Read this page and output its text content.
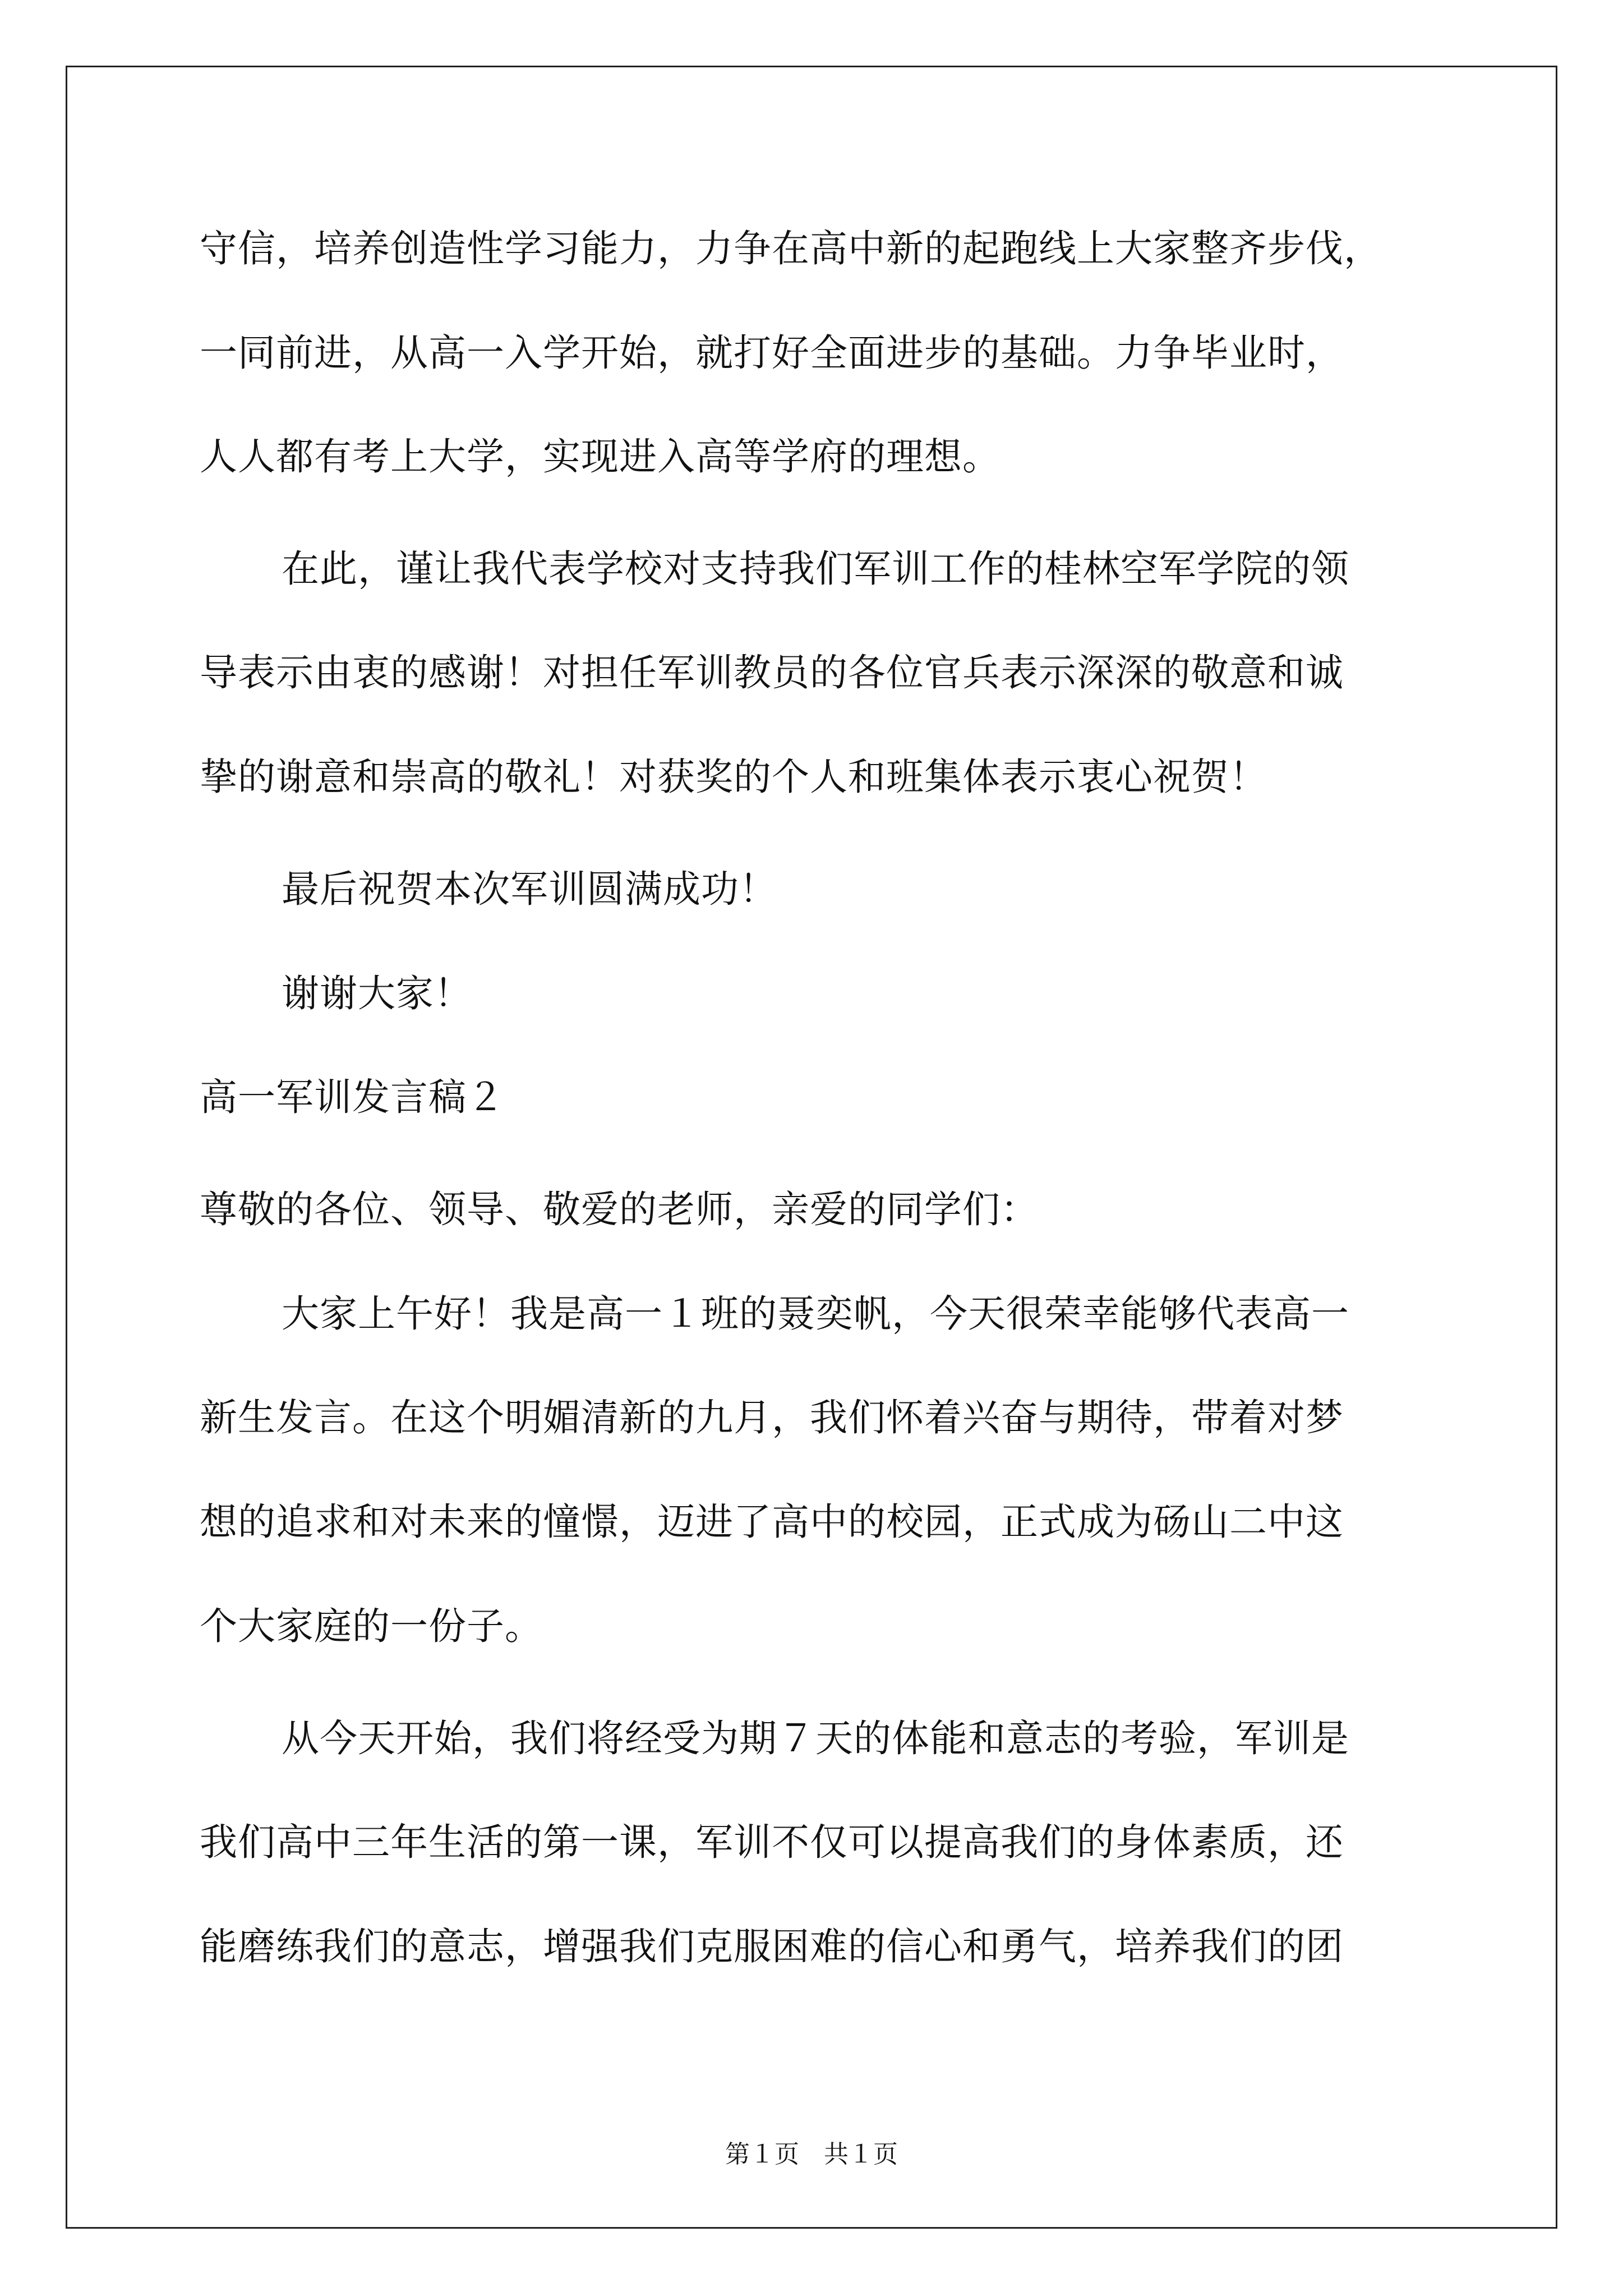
守信，培养创造性学习能力，力争在高中新的起跑线上大家整齐步伐，
一同前进，从高一入学开始，就打好全面进步的基础。力争毕业时，
人人都有考上大学，实现进入高等学府的理想。
在此，谨让我代表学校对支持我们军训工作的桂林空军学院的领
导表示由衷的感谢！对担任军训教员的各位官兵表示深深的敬意和诚
挚的谢意和崇高的敬礼！对获奖的个人和班集体表示衷心祝贺！
最后祝贺本次军训圆满成功！
谢谢大家！
高一军训发言稿２
尊敬的各位、领导、敬爱的老师，亲爱的同学们：
大家上午好！我是高一１班的聂奕帆，今天很荣幸能够代表高一
新生发言。在这个明媚清新的九月，我们怀着兴奋与期待，带着对梦
想的追求和对未来的憧憬，迈进了高中的校园，正式成为砀山二中这
个大家庭的一份子。
从今天开始，我们将经受为期７天的体能和意志的考验，军训是
我们高中三年生活的第一课，军训不仅可以提高我们的身体素质，还
能磨练我们的意志，增强我们克服困难的信心和勇气，培养我们的团
第１页　共１页
